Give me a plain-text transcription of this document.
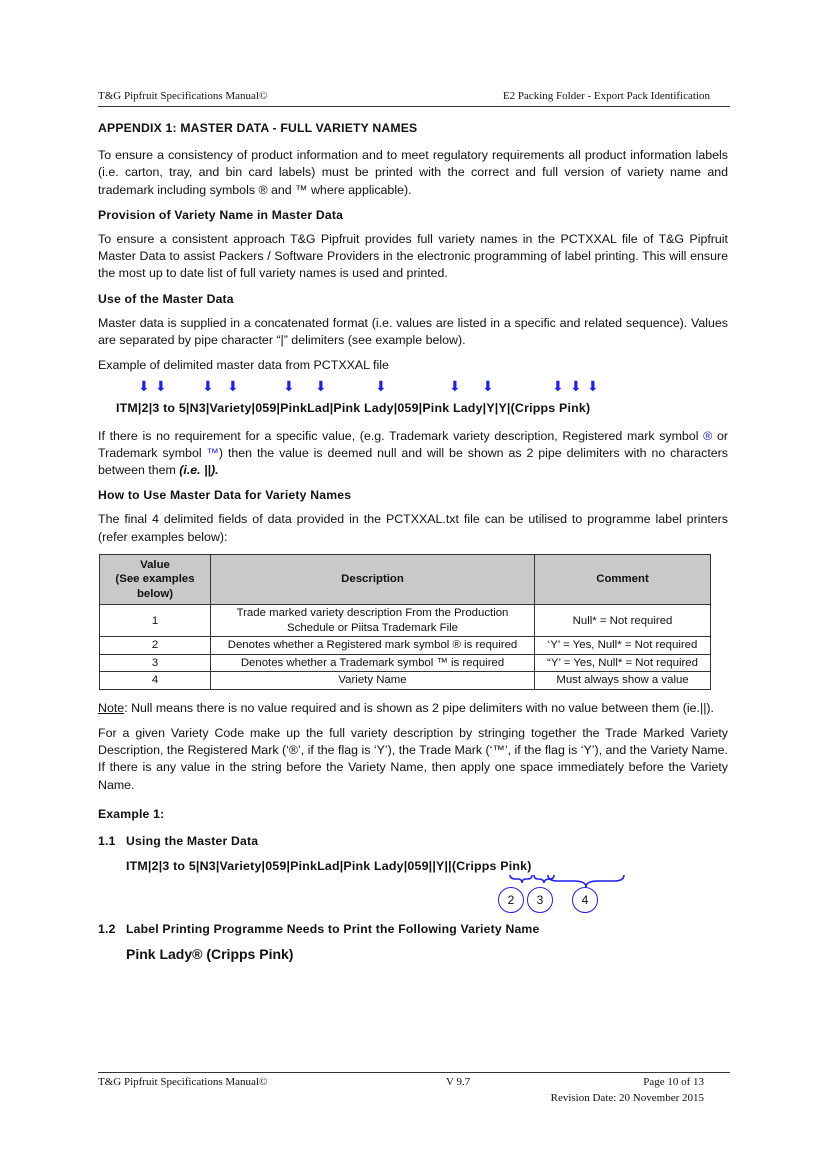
T&G Pipfruit Specifications Manual©	E2 Packing Folder - Export Pack Identification
APPENDIX 1: MASTER DATA - FULL VARIETY NAMES

To ensure a consistency of product information and to meet regulatory requirements all product information labels (i.e. carton, tray, and bin card labels) must be printed with the correct and full version of variety name and trademark including symbols ® and ™ where applicable).

Provision of Variety Name in Master Data

To ensure a consistent approach T&G Pipfruit provides full variety names in the PCTXXAL file of T&G Pipfruit Master Data to assist Packers / Software Providers in the electronic programming of label printing. This will ensure the most up to date list of full variety names is used and printed.

Use of the Master Data

Master data is supplied in a concatenated format (i.e. values are listed in a specific and related sequence). Values are separated by pipe character “|” delimiters (see example below).

Example of delimited master data from PCTXXAL file

⬇ ⬇	⬇ ⬇	⬇ ⬇	⬇	⬇ ⬇	⬇ ⬇ ⬇
ITM|2|3 to 5|N3|Variety|059|PinkLad|Pink Lady|059|Pink Lady|Y|Y|(Cripps Pink)

If there is no requirement for a specific value, (e.g. Trademark variety description, Registered mark symbol ® or Trademark symbol ™) then the value is deemed null and will be shown as 2 pipe delimiters with no characters between them (i.e. ||).

How to Use Master Data for Variety Names

The final 4 delimited fields of data provided in the PCTXXAL.txt file can be utilised to programme label printers (refer examples below):

Value
(See examples below)	Description	Comment
1	Trade marked variety description From the Production Schedule or Piitsa Trademark File	Null* = Not required
2	Denotes whether a Registered mark symbol ® is required	‘Y’ = Yes, Null* = Not required
3	Denotes whether a Trademark symbol ™ is required	“Y’ = Yes, Null* = Not required
4	Variety Name	Must always show a value

Note: Null means there is no value required and is shown as 2 pipe delimiters with no value between them (ie.||).

For a given Variety Code make up the full variety description by stringing together the Trade Marked Variety Description, the Registered Mark (‘®’, if the flag is ‘Y’), the Trade Mark (‘™’, if the flag is ‘Y’), and the Variety Name. If there is any value in the string before the Variety Name, then apply one space immediately before the Variety Name.

Example 1:
1.1 Using the Master Data
ITM|2|3 to 5|N3|Variety|059|PinkLad|Pink Lady|059||Y||(Cripps Pink)
2	3	4
1.2 Label Printing Programme Needs to Print the Following Variety Name
Pink Lady® (Cripps Pink)
T&G Pipfruit Specifications Manual©	V 9.7	Page 10 of 13
Revision Date: 20 November 2015
